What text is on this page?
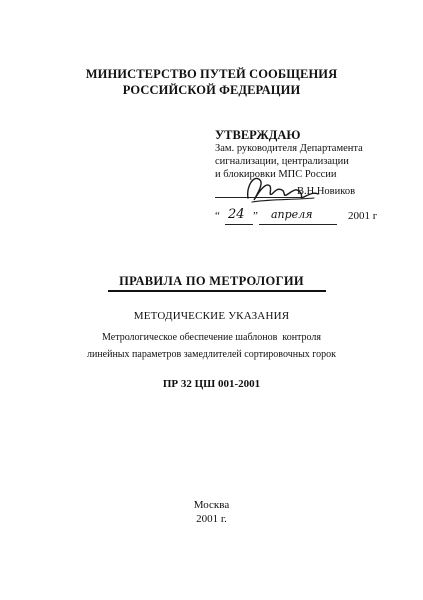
МИНИСТЕРСТВО ПУТЕЙ СООБЩЕНИЯ
РОССИЙСКОЙ ФЕДЕРАЦИИ
УТВЕРЖДАЮ
Зам. руководителя Департамента
сигнализации, централизации
и блокировки МПС России
В.Н.Новиков
“ 24 ” апреля	2001 г
ПРАВИЛА ПО МЕТРОЛОГИИ
МЕТОДИЧЕСКИЕ УКАЗАНИЯ
Метрологическое обеспечение шаблонов  контроля
линейных параметров замедлителей сортировочных горок
ПР 32 ЦШ 001-2001
Москва
2001 г.
